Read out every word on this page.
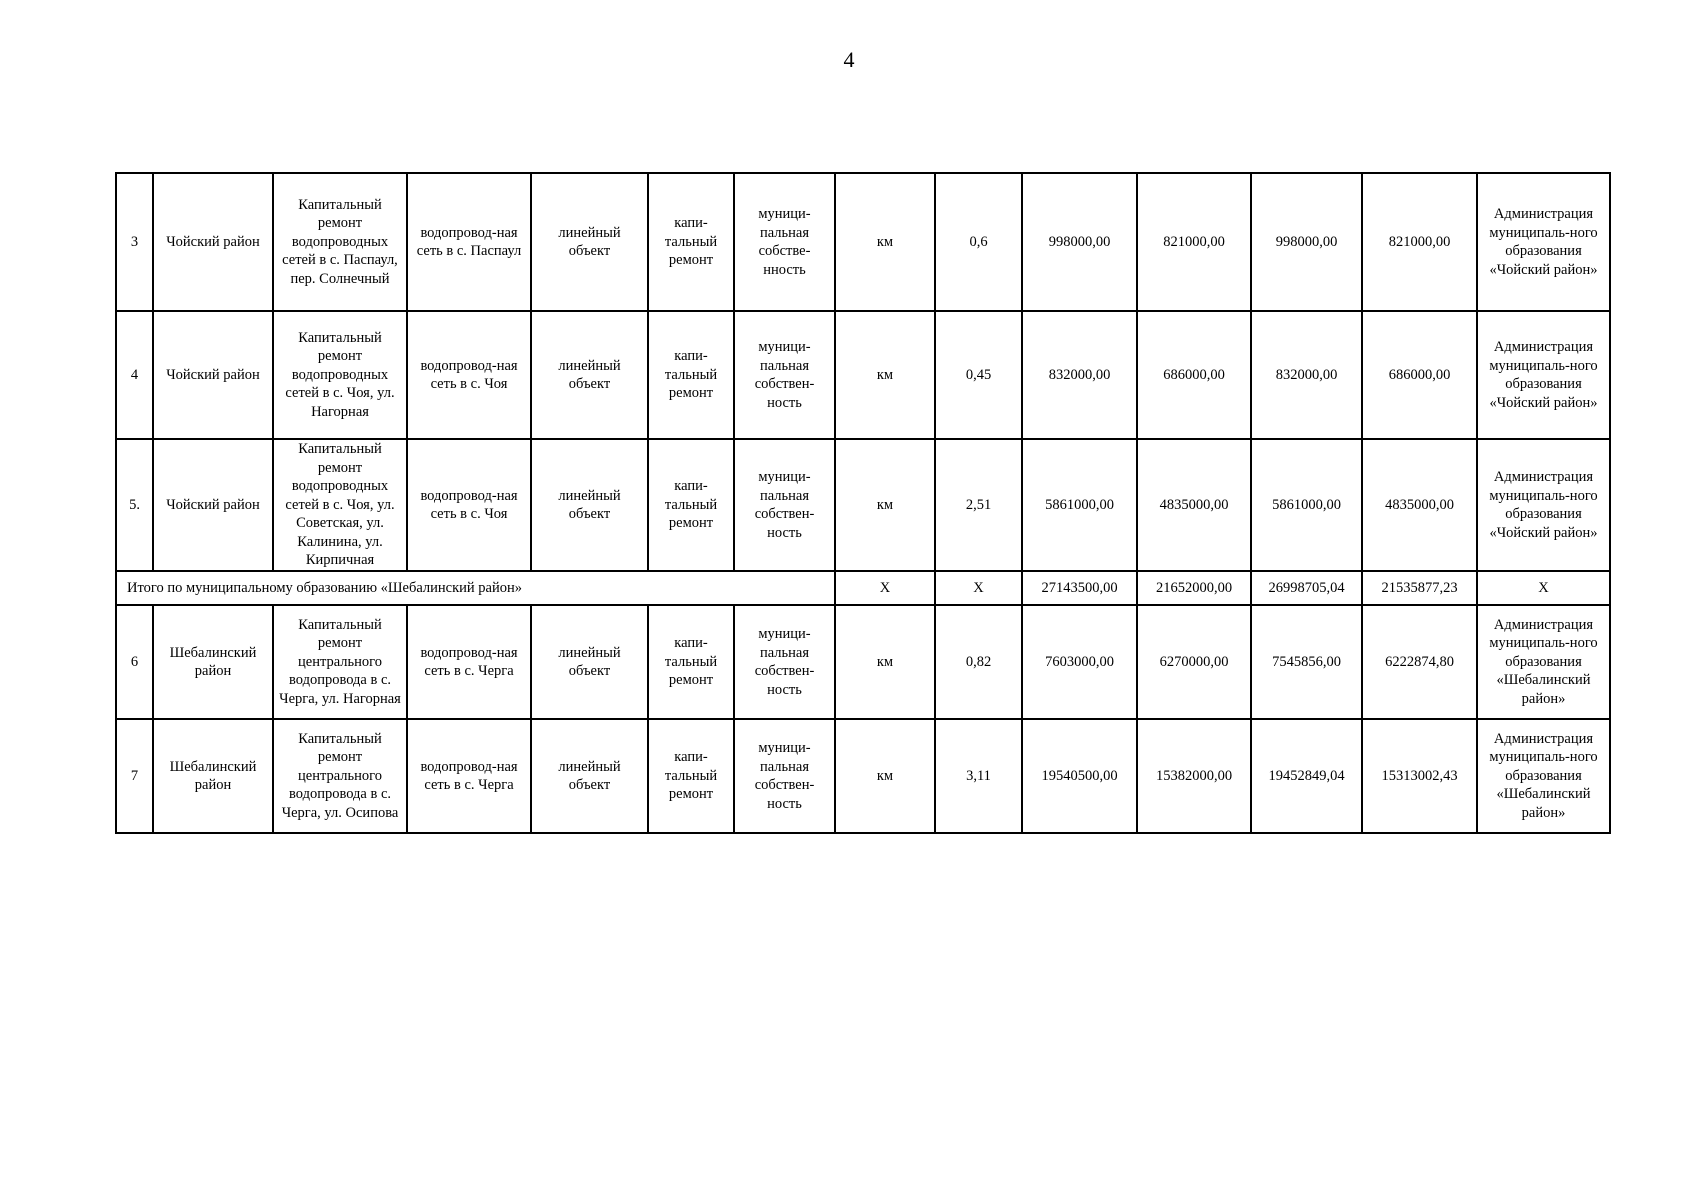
4
3	Чойский район	Капитальный ремонт водопроводных сетей в с. Паспаул, пер. Солнечный	водопровод-ная сеть в с. Паспаул	линейный объект	капи-тальный ремонт	муници-пальная собстве-нность	км	0,6	998000,00	821000,00	998000,00	821000,00	Администрация муниципаль-ного образования «Чойский район»
4	Чойский район	Капитальный ремонт водопроводных сетей в с. Чоя, ул. Нагорная	водопровод-ная сеть в с. Чоя	линейный объект	капи-тальный ремонт	муници-пальная собствен-ность	км	0,45	832000,00	686000,00	832000,00	686000,00	Администрация муниципаль-ного образования «Чойский район»
5.	Чойский район	Капитальный ремонт водопроводных сетей в с. Чоя, ул. Советская, ул. Калинина, ул. Кирпичная	водопровод-ная сеть в с. Чоя	линейный объект	капи-тальный ремонт	муници-пальная собствен-ность	км	2,51	5861000,00	4835000,00	5861000,00	4835000,00	Администрация муниципаль-ного образования «Чойский район»
Итого по муниципальному образованию «Шебалинский район»							Х	Х	27143500,00	21652000,00	26998705,04	21535877,23	Х
6	Шебалинский район	Капитальный ремонт центрального водопровода в с. Черга, ул. Нагорная	водопровод-ная сеть в с. Черга	линейный объект	капи-тальный ремонт	муници-пальная собствен-ность	км	0,82	7603000,00	6270000,00	7545856,00	6222874,80	Администрация муниципаль-ного образования «Шебалинский район»
7	Шебалинский район	Капитальный ремонт центрального водопровода в с. Черга, ул. Осипова	водопровод-ная сеть в с. Черга	линейный объект	капи-тальный ремонт	муници-пальная собствен-ность	км	3,11	19540500,00	15382000,00	19452849,04	15313002,43	Администрация муниципаль-ного образования «Шебалинский район»
